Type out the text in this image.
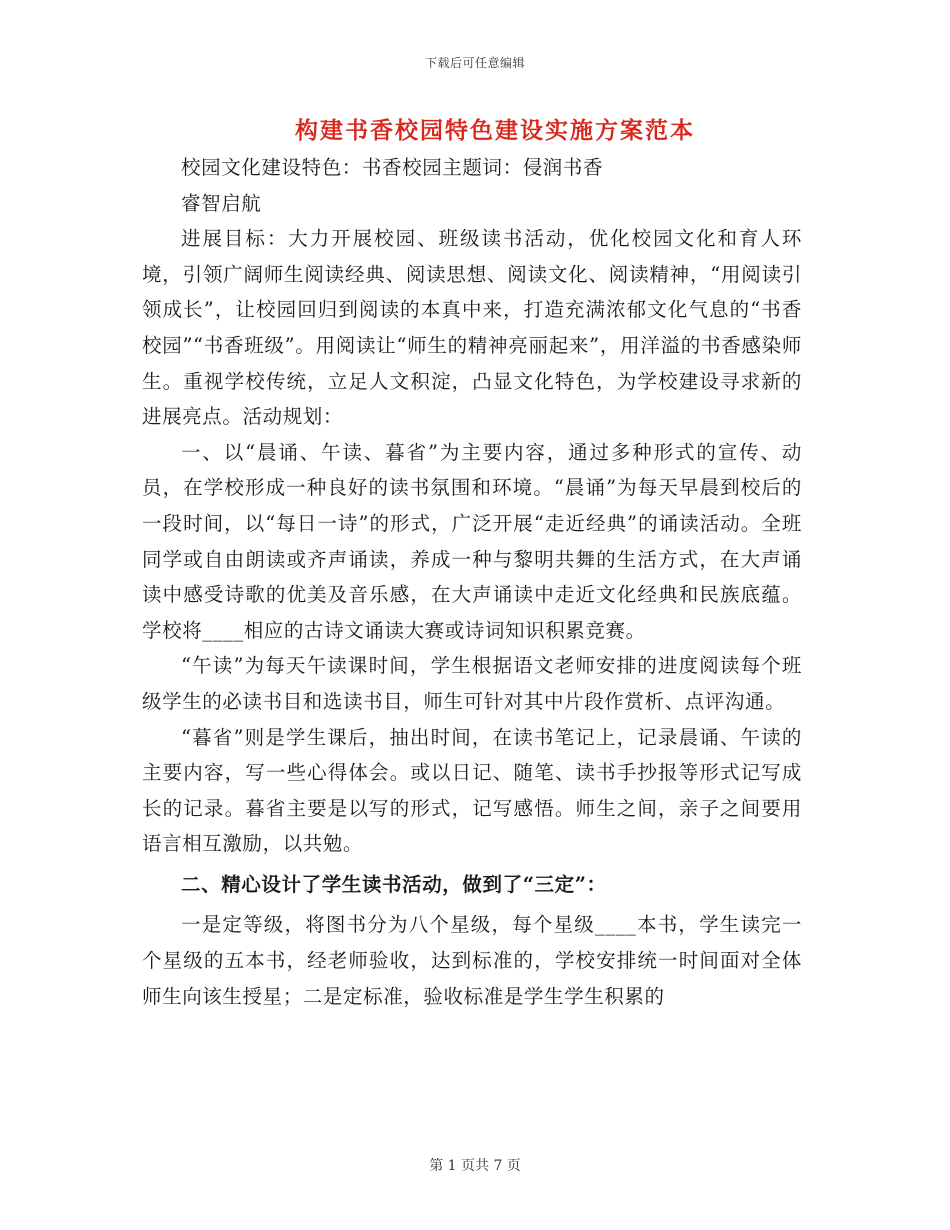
下载后可任意编辑
构建书香校园特色建设实施方案范本

校园文化建设特色：书香校园主题词：侵润书香

睿智启航

进展目标：大力开展校园、班级读书活动，优化校园文化和育人环境，引领广阔师生阅读经典、阅读思想、阅读文化、阅读精神，“用阅读引领成长”，让校园回归到阅读的本真中来，打造充满浓郁文化气息的“书香校园”“书香班级”。用阅读让“师生的精神亮丽起来”，用洋溢的书香感染师生。重视学校传统，立足人文积淀，凸显文化特色，为学校建设寻求新的进展亮点。活动规划：

一、以“晨诵、午读、暮省”为主要内容，通过多种形式的宣传、动员，在学校形成一种良好的读书氛围和环境。“晨诵”为每天早晨到校后的一段时间，以“每日一诗”的形式，广泛开展“走近经典”的诵读活动。全班同学或自由朗读或齐声诵读，养成一种与黎明共舞的生活方式，在大声诵读中感受诗歌的优美及音乐感，在大声诵读中走近文化经典和民族底蕴。学校将____相应的古诗文诵读大赛或诗词知识积累竞赛。

“午读”为每天午读课时间，学生根据语文老师安排的进度阅读每个班级学生的必读书目和选读书目，师生可针对其中片段作赏析、点评沟通。

“暮省”则是学生课后，抽出时间，在读书笔记上，记录晨诵、午读的主要内容，写一些心得体会。或以日记、随笔、读书手抄报等形式记写成长的记录。暮省主要是以写的形式，记写感悟。师生之间，亲子之间要用语言相互激励，以共勉。

二、精心设计了学生读书活动，做到了“三定”：

一是定等级，将图书分为八个星级，每个星级____本书，学生读完一个星级的五本书，经老师验收，达到标准的，学校安排统一时间面对全体师生向该生授星；二是定标准，验收标准是学生学生积累的

第 1 页共 7 页
